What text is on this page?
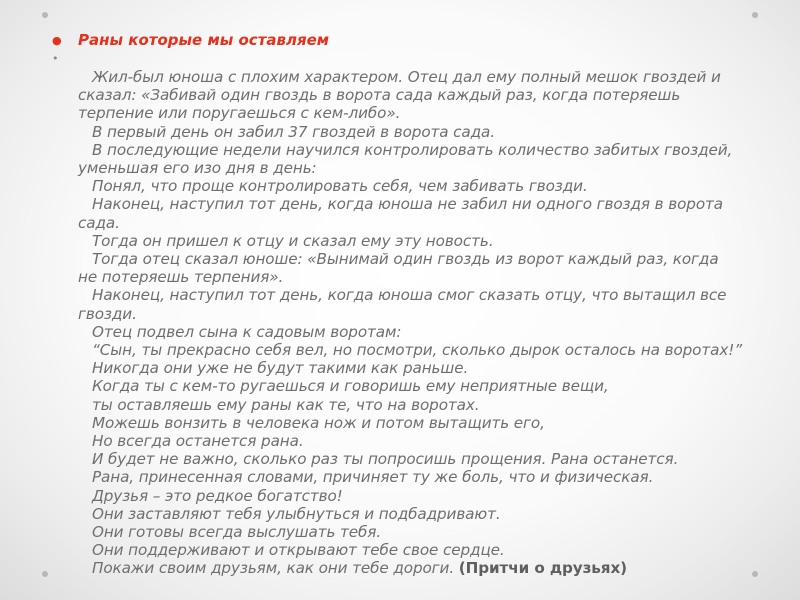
● Раны которые мы оставляем
•
Жил-был юноша с плохим характером. Отец дал ему полный мешок гвоздей и сказал: «Забивай один гвоздь в ворота сада каждый раз, когда потеряешь терпение или поругаешься с кем-либо».
В первый день он забил 37 гвоздей в ворота сада.
В последующие недели научился контролировать количество забитых гвоздей, уменьшая его изо дня в день:
Понял, что проще контролировать себя, чем забивать гвозди.
Наконец, наступил тот день, когда юноша не забил ни одного гвоздя в ворота сада.
Тогда он пришел к отцу и сказал ему эту новость.
Тогда отец сказал юноше: «Вынимай один гвоздь из ворот каждый раз, когда не потеряешь терпения».
Наконец, наступил тот день, когда юноша смог сказать отцу, что вытащил все гвозди.
Отец подвел сына к садовым воротам:
“Сын, ты прекрасно себя вел, но посмотри, сколько дырок осталось на воротах!”
Никогда они уже не будут такими как раньше.
Когда ты с кем-то ругаешься и говоришь ему неприятные вещи,
ты оставляешь ему раны как те, что на воротах.
Можешь вонзить в человека нож и потом вытащить его,
Но всегда останется рана.
И будет не важно, сколько раз ты попросишь прощения. Рана останется.
Рана, принесенная словами, причиняет ту же боль, что и физическая.
Друзья – это редкое богатство!
Они заставляют тебя улыбнуться и подбадривают.
Они готовы всегда выслушать тебя.
Они поддерживают и открывают тебе свое сердце.
Покажи своим друзьям, как они тебе дороги. (Притчи о друзьях)
